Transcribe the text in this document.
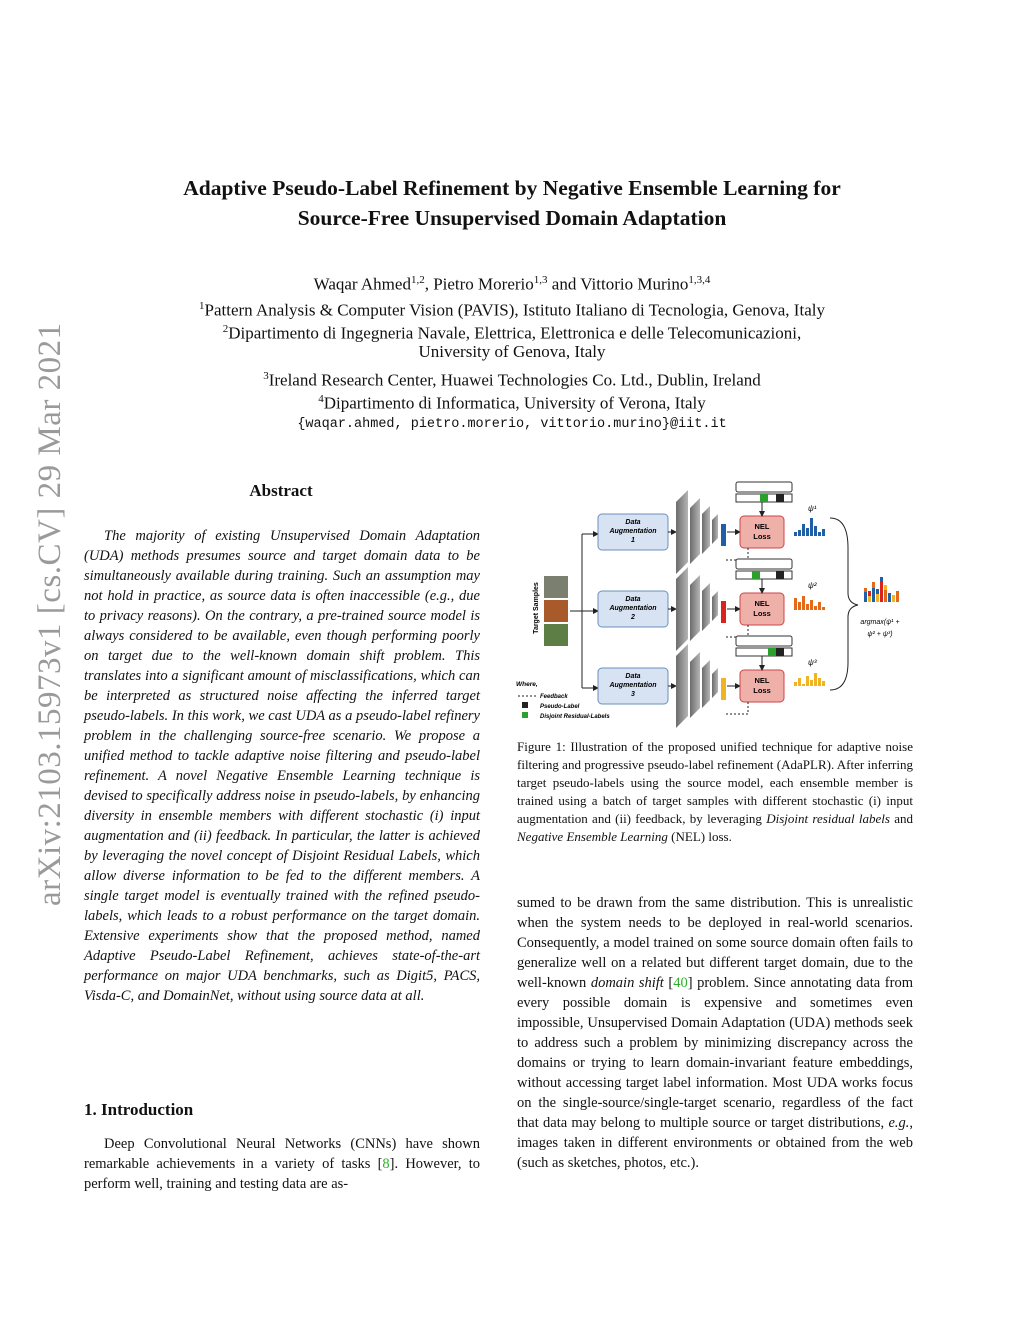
arXiv:2103.15973v1 [cs.CV] 29 Mar 2021
Adaptive Pseudo-Label Refinement by Negative Ensemble Learning for
Source-Free Unsupervised Domain Adaptation
Waqar Ahmed$^{1,2}$, Pietro Morerio$^{1,3}$ and Vittorio Murino$^{1,3,4}$
$^1$Pattern Analysis & Computer Vision (PAVIS), Istituto Italiano di Tecnologia, Genova, Italy
$^2$Dipartimento di Ingegneria Navale, Elettrica, Elettronica e delle Telecomunicazioni,
University of Genova, Italy
$^3$Ireland Research Center, Huawei Technologies Co. Ltd., Dublin, Ireland
$^4$Dipartimento di Informatica, University of Verona, Italy
{waqar.ahmed, pietro.morerio, vittorio.murino}@iit.it
Abstract

The majority of existing Unsupervised Domain Adaptation (UDA) methods presumes source and target domain data to be simultaneously available during training. Such an assumption may not hold in practice, as source data is often inaccessible (e.g., due to privacy reasons). On the contrary, a pre-trained source model is always considered to be available, even though performing poorly on target due to the well-known domain shift problem. This translates into a significant amount of misclassifications, which can be interpreted as structured noise affecting the inferred target pseudo-labels. In this work, we cast UDA as a pseudo-label refinery problem in the challenging source-free scenario. We propose a unified method to tackle adaptive noise filtering and pseudo-label refinement. A novel Negative Ensemble Learning technique is devised to specifically address noise in pseudo-labels, by enhancing diversity in ensemble members with different stochastic (i) input augmentation and (ii) feedback. In particular, the latter is achieved by leveraging the novel concept of Disjoint Residual Labels, which allow diverse information to be fed to the different members. A single target model is eventually trained with the refined pseudo-labels, which leads to a robust performance on the target domain. Extensive experiments show that the proposed method, named Adaptive Pseudo-Label Refinement, achieves state-of-the-art performance on major UDA benchmarks, such as Digit5, PACS, Visda-C, and DomainNet, without using source data at all.

1. Introduction

Deep Convolutional Neural Networks (CNNs) have shown remarkable achievements in a variety of tasks [8]. However, to perform well, training and testing data are as-

Target Samples
Data
Augmentation
1
NEL
Loss
ψ¹
Data
Augmentation
2
NEL
Loss
ψ²
Data
Augmentation
3
NEL
Loss
ψ³
argmax(ψ¹ +
ψ² + ψ³)
Where,
Feedback
Pseudo-Label
Disjoint Residual-Labels

Figure 1: Illustration of the proposed unified technique for adaptive noise filtering and progressive pseudo-label refinement (AdaPLR). After inferring target pseudo-labels using the source model, each ensemble member is trained using a batch of target samples with different stochastic (i) input augmentation and (ii) feedback, by leveraging Disjoint residual labels and Negative Ensemble Learning (NEL) loss.

sumed to be drawn from the same distribution. This is unrealistic when the system needs to be deployed in real-world scenarios. Consequently, a model trained on some source domain often fails to generalize well on a related but different target domain, due to the well-known domain shift [40] problem. Since annotating data from every possible domain is expensive and sometimes even impossible, Unsupervised Domain Adaptation (UDA) methods seek to address such a problem by minimizing discrepancy across the domains or trying to learn domain-invariant feature embeddings, without accessing target label information. Most UDA works focus on the single-source/single-target scenario, regardless of the fact that data may belong to multiple source or target distributions, e.g., images taken in different environments or obtained from the web (such as sketches, photos, etc.).
